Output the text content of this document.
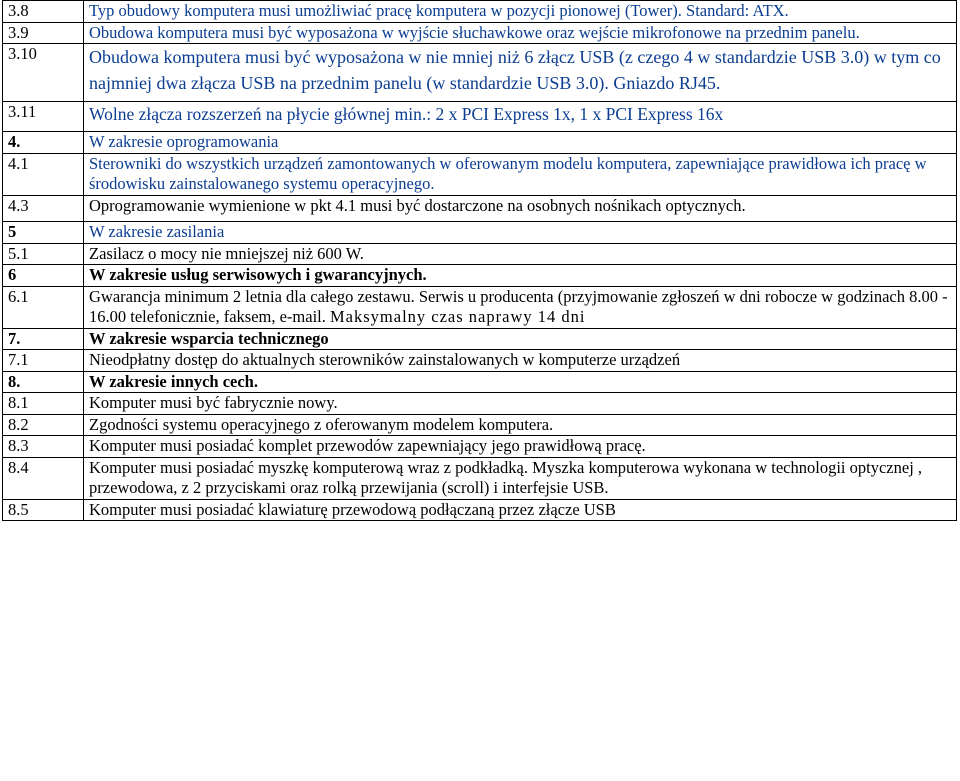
3.8	Typ obudowy komputera musi umożliwiać pracę komputera w pozycji pionowej (Tower). Standard: ATX.
3.9	Obudowa komputera musi być wyposażona w wyjście słuchawkowe oraz wejście mikrofonowe na przednim panelu.
3.10	Obudowa komputera musi być wyposażona w nie mniej niż 6 złącz USB (z czego 4 w standardzie USB 3.0) w tym co najmniej dwa złącza USB na przednim panelu (w standardzie USB 3.0). Gniazdo RJ45.
3.11	Wolne złącza rozszerzeń na płycie głównej min.: 2 x PCI Express 1x, 1 x PCI Express 16x
4.	W zakresie oprogramowania
4.1	Sterowniki do wszystkich urządzeń zamontowanych w oferowanym modelu komputera, zapewniające prawidłowa ich pracę w środowisku zainstalowanego systemu operacyjnego.
4.3	Oprogramowanie wymienione w pkt 4.1 musi być dostarczone na osobnych nośnikach optycznych.
5	W zakresie zasilania
5.1	Zasilacz o mocy nie mniejszej niż 600 W.
6	W zakresie usług serwisowych i gwarancyjnych.
6.1	Gwarancja minimum 2 letnia dla całego zestawu. Serwis u producenta (przyjmowanie zgłoszeń w dni robocze w godzinach 8.00 - 16.00 telefonicznie, faksem, e-mail. Maksymalny czas naprawy 14 dni
7.	W zakresie wsparcia technicznego
7.1	Nieodpłatny dostęp do aktualnych sterowników zainstalowanych w komputerze urządzeń
8.	W zakresie innych cech.
8.1	Komputer musi być fabrycznie nowy.
8.2	Zgodności systemu operacyjnego z oferowanym modelem komputera.
8.3	Komputer musi posiadać komplet przewodów zapewniający jego prawidłową pracę.
8.4	Komputer musi posiadać myszkę komputerową wraz z podkładką. Myszka komputerowa wykonana w technologii optycznej , przewodowa, z 2 przyciskami oraz rolką przewijania (scroll) i interfejsie USB.
8.5	Komputer musi posiadać klawiaturę przewodową podłączaną przez złącze USB
